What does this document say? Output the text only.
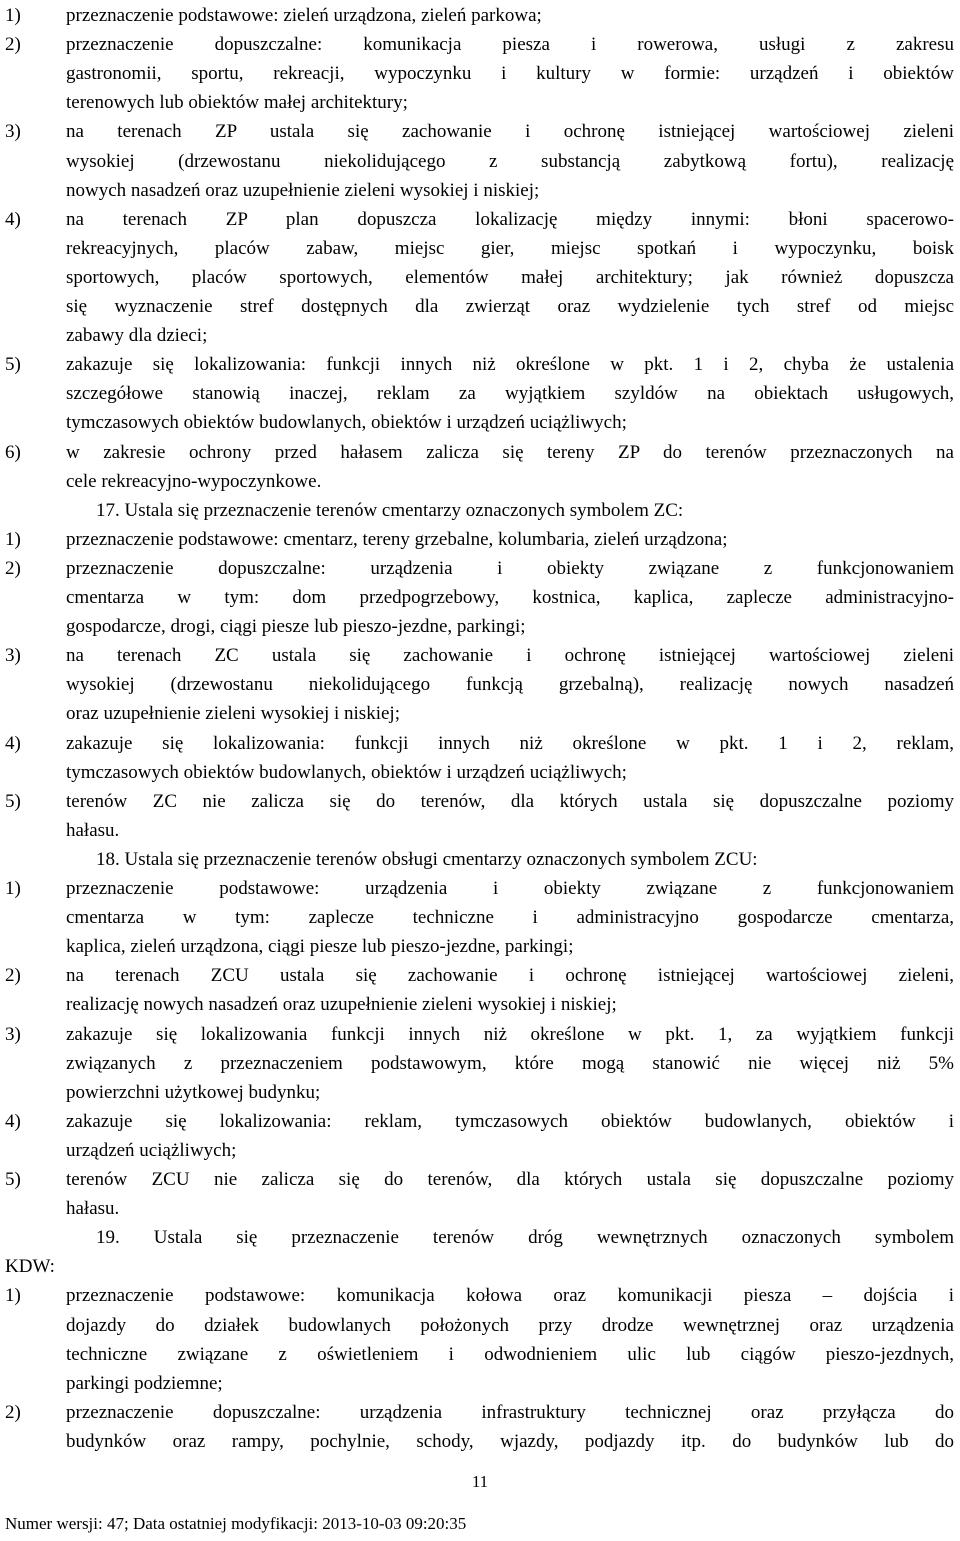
1) przeznaczenie podstawowe: zieleń urządzona, zieleń parkowa;
2) przeznaczenie dopuszczalne: komunikacja piesza i rowerowa, usługi z zakresu
gastronomii, sportu, rekreacji, wypoczynku i kultury w formie: urządzeń i obiektów
terenowych lub obiektów małej architektury;
3) na terenach ZP ustala się zachowanie i ochronę istniejącej wartościowej zieleni
wysokiej (drzewostanu niekolidującego z substancją zabytkową fortu), realizację
nowych nasadzeń oraz uzupełnienie zieleni wysokiej i niskiej;
4) na terenach ZP plan dopuszcza lokalizację między innymi: błoni spacerowo-
rekreacyjnych, placów zabaw, miejsc gier, miejsc spotkań i wypoczynku, boisk
sportowych, placów sportowych, elementów małej architektury; jak również dopuszcza
się wyznaczenie stref dostępnych dla zwierząt oraz wydzielenie tych stref od miejsc
zabawy dla dzieci;
5) zakazuje się lokalizowania: funkcji innych niż określone w pkt. 1 i 2, chyba że ustalenia
szczegółowe stanowią inaczej, reklam za wyjątkiem szyldów na obiektach usługowych,
tymczasowych obiektów budowlanych, obiektów i urządzeń uciążliwych;
6) w zakresie ochrony przed hałasem zalicza się tereny ZP do terenów przeznaczonych na
cele rekreacyjno-wypoczynkowe.
17. Ustala się przeznaczenie terenów cmentarzy oznaczonych symbolem ZC:
1) przeznaczenie podstawowe: cmentarz, tereny grzebalne, kolumbaria, zieleń urządzona;
2) przeznaczenie dopuszczalne: urządzenia i obiekty związane z funkcjonowaniem
cmentarza w tym: dom przedpogrzebowy, kostnica, kaplica, zaplecze administracyjno-
gospodarcze, drogi, ciągi piesze lub pieszo-jezdne, parkingi;
3) na terenach ZC ustala się zachowanie i ochronę istniejącej wartościowej zieleni
wysokiej (drzewostanu niekolidującego funkcją grzebalną), realizację nowych nasadzeń
oraz uzupełnienie zieleni wysokiej i niskiej;
4) zakazuje się lokalizowania: funkcji innych niż określone w pkt. 1 i 2, reklam,
tymczasowych obiektów budowlanych, obiektów i urządzeń uciążliwych;
5) terenów ZC nie zalicza się do terenów, dla których ustala się dopuszczalne poziomy
hałasu.
18. Ustala się przeznaczenie terenów obsługi cmentarzy oznaczonych symbolem ZCU:
1) przeznaczenie podstawowe: urządzenia i obiekty związane z funkcjonowaniem
cmentarza w tym: zaplecze techniczne i administracyjno gospodarcze cmentarza,
kaplica, zieleń urządzona, ciągi piesze lub pieszo-jezdne, parkingi;
2) na terenach ZCU ustala się zachowanie i ochronę istniejącej wartościowej zieleni,
realizację nowych nasadzeń oraz uzupełnienie zieleni wysokiej i niskiej;
3) zakazuje się lokalizowania funkcji innych niż określone w pkt. 1, za wyjątkiem funkcji
związanych z przeznaczeniem podstawowym, które mogą stanowić nie więcej niż 5%
powierzchni użytkowej budynku;
4) zakazuje się lokalizowania: reklam, tymczasowych obiektów budowlanych, obiektów i
urządzeń uciążliwych;
5) terenów ZCU nie zalicza się do terenów, dla których ustala się dopuszczalne poziomy
hałasu.
19. Ustala się przeznaczenie terenów dróg wewnętrznych oznaczonych symbolem
KDW:
1) przeznaczenie podstawowe: komunikacja kołowa oraz komunikacji piesza – dojścia i
dojazdy do działek budowlanych położonych przy drodze wewnętrznej oraz urządzenia
techniczne związane z oświetleniem i odwodnieniem ulic lub ciągów pieszo-jezdnych,
parkingi podziemne;
2) przeznaczenie dopuszczalne: urządzenia infrastruktury technicznej oraz przyłącza do
budynków oraz rampy, pochylnie, schody, wjazdy, podjazdy itp. do budynków lub do
11
Numer wersji: 47; Data ostatniej modyfikacji: 2013-10-03 09:20:35
